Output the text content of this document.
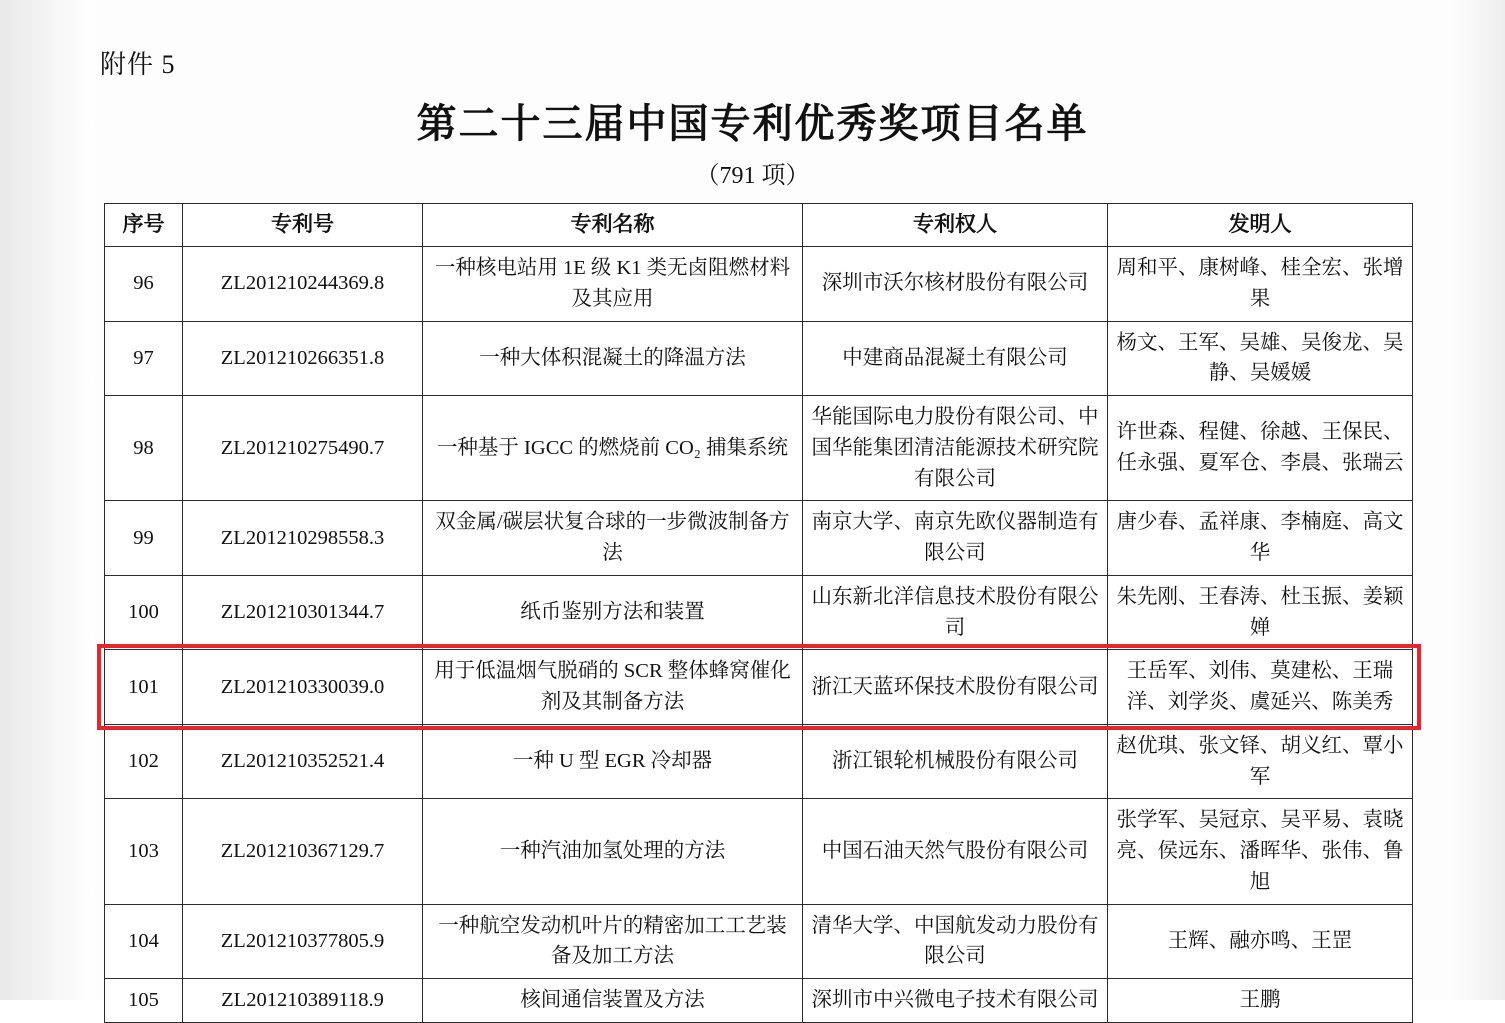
附件 5
第二十三届中国专利优秀奖项目名单
（791 项）
序号	专利号	专利名称	专利权人	发明人
96	ZL201210244369.8	一种核电站用 1E 级 K1 类无卤阻燃材料及其应用	深圳市沃尔核材股份有限公司	周和平、康树峰、桂全宏、张增果
97	ZL201210266351.8	一种大体积混凝土的降温方法	中建商品混凝土有限公司	杨文、王军、吴雄、吴俊龙、吴静、吴媛媛
98	ZL201210275490.7	一种基于 IGCC 的燃烧前 CO₂ 捕集系统	华能国际电力股份有限公司、中国华能集团清洁能源技术研究院有限公司	许世森、程健、徐越、王保民、任永强、夏军仓、李晨、张瑞云
99	ZL201210298558.3	双金属/碳层状复合球的一步微波制备方法	南京大学、南京先欧仪器制造有限公司	唐少春、孟祥康、李楠庭、高文华
100	ZL201210301344.7	纸币鉴别方法和装置	山东新北洋信息技术股份有限公司	朱先刚、王春涛、杜玉振、姜颖婵
101	ZL201210330039.0	用于低温烟气脱硝的 SCR 整体蜂窝催化剂及其制备方法	浙江天蓝环保技术股份有限公司	王岳军、刘伟、莫建松、王瑞洋、刘学炎、虞延兴、陈美秀
102	ZL201210352521.4	一种 U 型 EGR 冷却器	浙江银轮机械股份有限公司	赵优琪、张文铎、胡义红、覃小军
103	ZL201210367129.7	一种汽油加氢处理的方法	中国石油天然气股份有限公司	张学军、吴冠京、吴平易、袁晓亮、侯远东、潘晖华、张伟、鲁旭
104	ZL201210377805.9	一种航空发动机叶片的精密加工工艺装备及加工方法	清华大学、中国航发动力股份有限公司	王辉、融亦鸣、王罡
105	ZL201210389118.9	核间通信装置及方法	深圳市中兴微电子技术有限公司	王鹏
